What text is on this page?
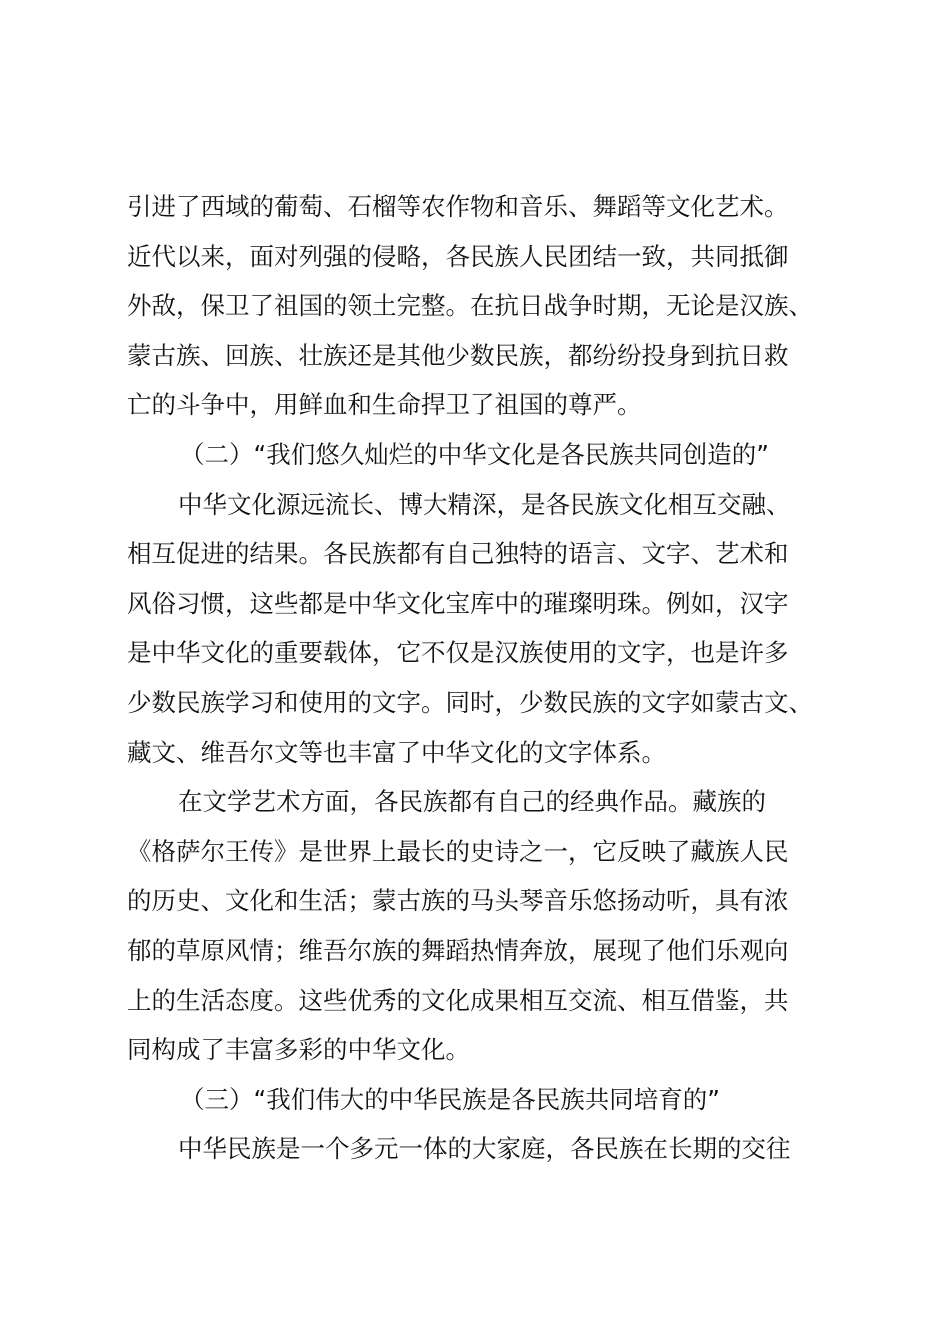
引进了西域的葡萄、石榴等农作物和音乐、舞蹈等文化艺术。
近代以来，面对列强的侵略，各民族人民团结一致，共同抵御
外敌，保卫了祖国的领土完整。在抗日战争时期，无论是汉族、
蒙古族、回族、壮族还是其他少数民族，都纷纷投身到抗日救
亡的斗争中，用鲜血和生命捍卫了祖国的尊严。
（二）“我们悠久灿烂的中华文化是各民族共同创造的”
中华文化源远流长、博大精深，是各民族文化相互交融、
相互促进的结果。各民族都有自己独特的语言、文字、艺术和
风俗习惯，这些都是中华文化宝库中的璀璨明珠。例如，汉字
是中华文化的重要载体，它不仅是汉族使用的文字，也是许多
少数民族学习和使用的文字。同时，少数民族的文字如蒙古文、
藏文、维吾尔文等也丰富了中华文化的文字体系。
在文学艺术方面，各民族都有自己的经典作品。藏族的
《格萨尔王传》是世界上最长的史诗之一，它反映了藏族人民
的历史、文化和生活；蒙古族的马头琴音乐悠扬动听，具有浓
郁的草原风情；维吾尔族的舞蹈热情奔放，展现了他们乐观向
上的生活态度。这些优秀的文化成果相互交流、相互借鉴，共
同构成了丰富多彩的中华文化。
（三）“我们伟大的中华民族是各民族共同培育的”
中华民族是一个多元一体的大家庭，各民族在长期的交往
